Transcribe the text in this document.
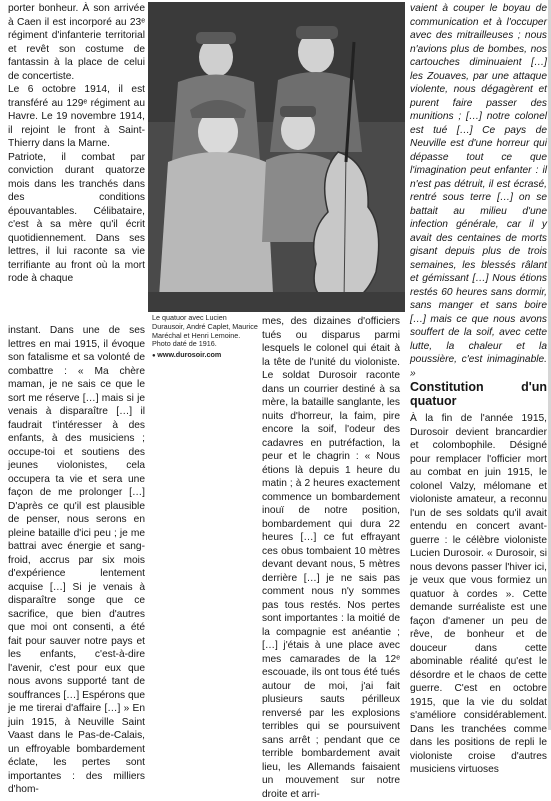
porter bonheur. À son arrivée à Caen il est incorporé au 23ᵉ régiment d'infanterie territorial et revêt son costume de fantassin à la place de celui de concertiste.

Le 6 octobre 1914, il est transféré au 129ᵉ régiment au Havre. Le 19 novembre 1914, il rejoint le front à Saint-Thierry dans la Marne.

Patriote, il combat par conviction durant quatorze mois dans les tranchés dans des conditions épouvantables. Célibataire, c'est à sa mère qu'il écrit quotidiennement. Dans ses lettres, il lui raconte sa vie terrifiante au front où la mort rode à chaque

Le quatuor avec Lucien Durausoir, André Caplet, Maurice Maréchal et Henri Lemoine. Photo daté de 1916.
● www.durosoir.com

instant. Dans une de ses lettres en mai 1915, il évoque son fatalisme et sa volonté de combattre : « Ma chère maman, je ne sais ce que le sort me réserve […] mais si je venais à disparaître […] il faudrait t'intéresser à des enfants, à des musiciens ; occupe-toi et soutiens des jeunes violonistes, cela occupera ta vie et sera une façon de me prolonger […] D'après ce qu'il est plausible de penser, nous serons en pleine bataille d'ici peu ; je me battrai avec énergie et sang-froid, accrus par six mois d'expérience lentement acquise […] Si je venais à disparaître songe que ce sacrifice, que bien d'autres que moi ont consenti, a été fait pour sauver notre pays et les enfants, c'est-à-dire l'avenir, c'est pour eux que nous avons supporté tant de souffrances […] Espérons que je me tirerai d'affaire […] » En juin 1915, à Neuville Saint Vaast dans le Pas-de-Calais, un effroyable bombardement éclate, les pertes sont importantes : des milliers d'hom-

mes, des dizaines d'officiers tués ou disparus parmi lesquels le colonel qui était à la tête de l'unité du violoniste. Le soldat Durosoir raconte dans un courrier destiné à sa mère, la bataille sanglante, les nuits d'horreur, la faim, pire encore la soif, l'odeur des cadavres en putréfaction, la peur et le chagrin : « Nous étions là depuis 1 heure du matin ; à 2 heures exactement commence un bombardement inouï de notre position, bombardement qui dura 22 heures […] ce fut effrayant ces obus tombaient 10 mètres devant devant nous, 5 mètres derrière […] je ne sais pas comment nous n'y sommes pas tous restés. Nos pertes sont importantes : la moitié de la compagnie est anéantie ; […] j'étais à une place avec mes camarades de la 12ᵉ escouade, ils ont tous été tués autour de moi, j'ai fait plusieurs sauts périlleux renversé par les explosions terribles qui se poursuivent sans arrêt ; pendant que ce terrible bombardement avait lieu, les Allemands faisaient un mouvement sur notre droite et arri-

vaient à couper le boyau de communication et à l'occuper avec des mitrailleuses ; nous n'avions plus de bombes, nos cartouches diminuaient […] les Zouaves, par une attaque violente, nous dégagèrent et purent faire passer des munitions ; […] notre colonel est tué […] Ce pays de Neuville est d'une horreur qui dépasse tout ce que l'imagination peut enfanter : il n'est pas détruit, il est écrasé, rentré sous terre […] on se battait au milieu d'une infection générale, car il y avait des centaines de morts gisant depuis plus de trois semaines, les blessés râlant et gémissant […] Nous étions restés 60 heures sans dormir, sans manger et sans boire […] mais ce que nous avons souffert de la soif, avec cette lutte, la chaleur et la poussière, c'est inimaginable. »

Constitution d'un quatuor

À la fin de l'année 1915, Durosoir devient brancardier et colombophile. Désigné pour remplacer l'officier mort au combat en juin 1915, le colonel Valzy, mélomane et violoniste amateur, a reconnu l'un de ses soldats qu'il avait entendu en concert avant-guerre : le célèbre violoniste Lucien Durosoir. « Durosoir, si nous devons passer l'hiver ici, je veux que vous formiez un quatuor à cordes ». Cette demande surréaliste est une façon d'amener un peu de rêve, de bonheur et de douceur dans cette abominable réalité qu'est le désordre et le chaos de cette guerre. C'est en octobre 1915, que la vie du soldat s'améliore considérablement. Dans les tranchées comme dans les positions de repli le violoniste croise d'autres musiciens virtuoses
